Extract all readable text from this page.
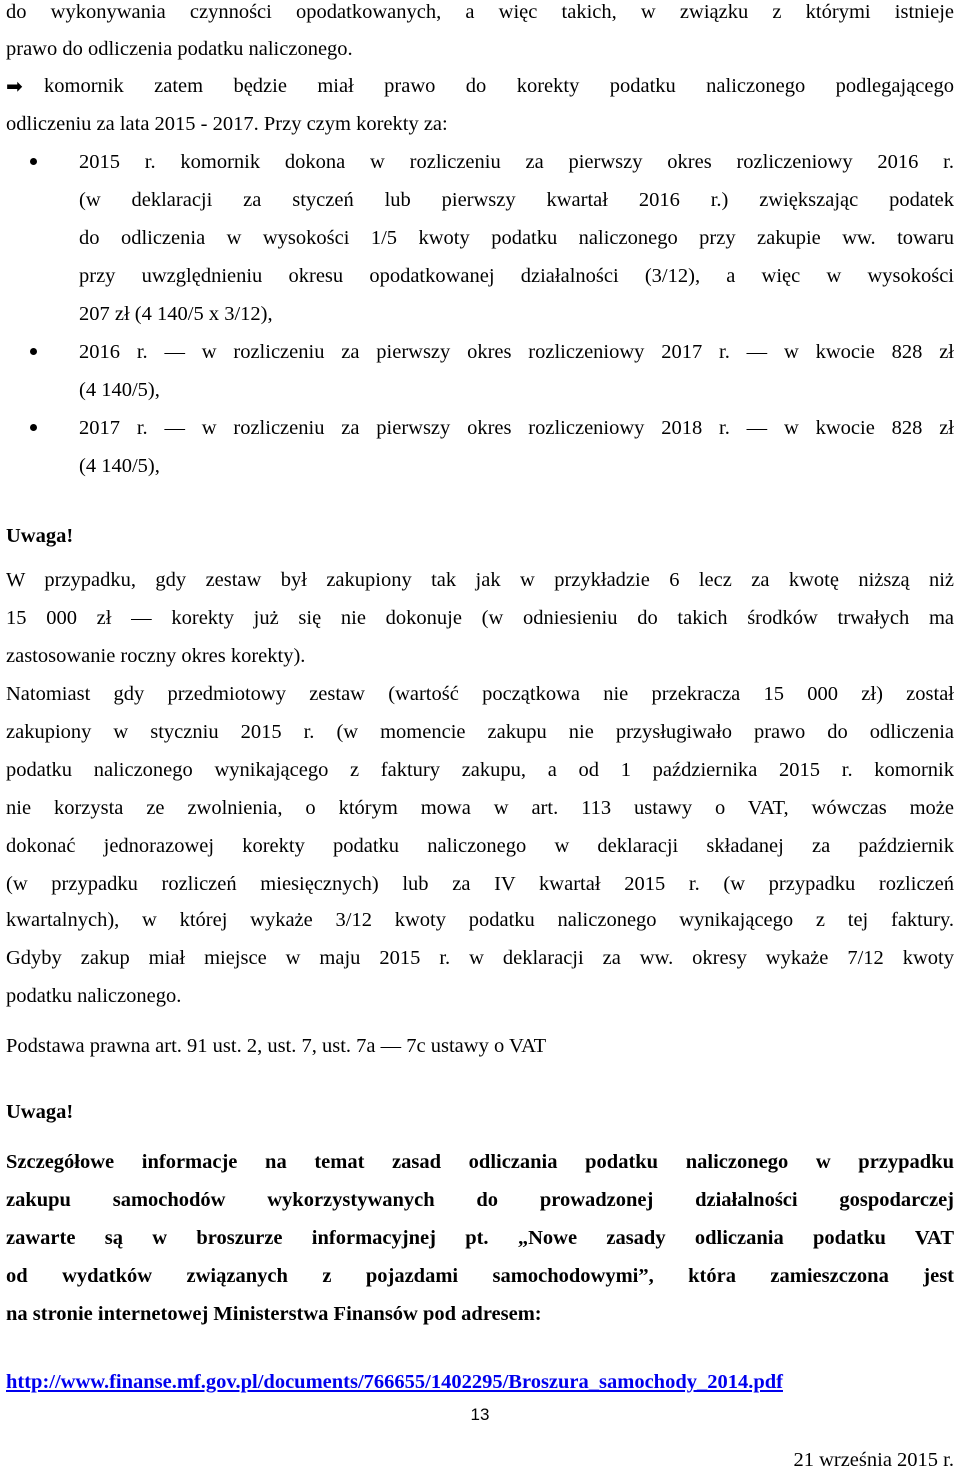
do wykonywania czynności opodatkowanych, a więc takich, w związku z którymi istnieje
prawo do odliczenia podatku naliczonego.
➡ komornik zatem będzie miał prawo do korekty podatku naliczonego podlegającego
odliczeniu za lata 2015 - 2017. Przy czym korekty za:
2015 r. komornik dokona w rozliczeniu za pierwszy okres rozliczeniowy 2016 r.
(w deklaracji za styczeń lub pierwszy kwartał 2016 r.) zwiększając podatek
do odliczenia w wysokości 1/5 kwoty podatku naliczonego przy zakupie ww. towaru
przy uwzględnieniu okresu opodatkowanej działalności (3/12), a więc w wysokości
207 zł (4 140/5 x 3/12),
2016 r. — w rozliczeniu za pierwszy okres rozliczeniowy 2017 r. — w kwocie 828 zł
(4 140/5),
2017 r. — w rozliczeniu za pierwszy okres rozliczeniowy 2018 r. — w kwocie 828 zł
(4 140/5),
Uwaga!
W przypadku, gdy zestaw był zakupiony tak jak w przykładzie 6 lecz za kwotę niższą niż
15 000 zł — korekty już się nie dokonuje (w odniesieniu do takich środków trwałych ma
zastosowanie roczny okres korekty).
Natomiast gdy przedmiotowy zestaw (wartość początkowa nie przekracza 15 000 zł) został
zakupiony w styczniu 2015 r. (w momencie zakupu nie przysługiwało prawo do odliczenia
podatku naliczonego wynikającego z faktury zakupu, a od 1 października 2015 r. komornik
nie korzysta ze zwolnienia, o którym mowa w art. 113 ustawy o VAT, wówczas może
dokonać jednorazowej korekty podatku naliczonego w deklaracji składanej za październik
(w przypadku rozliczeń miesięcznych) lub za IV kwartał 2015 r. (w przypadku rozliczeń
kwartalnych), w której wykaże 3/12 kwoty podatku naliczonego wynikającego z tej faktury.
Gdyby zakup miał miejsce w maju 2015 r. w deklaracji za ww. okresy wykaże 7/12 kwoty
podatku naliczonego.
Podstawa prawna art. 91 ust. 2, ust. 7, ust. 7a — 7c ustawy o VAT
Uwaga!
Szczegółowe informacje na temat zasad odliczania podatku naliczonego w przypadku
zakupu samochodów wykorzystywanych do prowadzonej działalności gospodarczej
zawarte są w broszurze informacyjnej pt. „Nowe zasady odliczania podatku VAT
od wydatków związanych z pojazdami samochodowymi”, która zamieszczona jest
na stronie internetowej Ministerstwa Finansów pod adresem:
http://www.finanse.mf.gov.pl/documents/766655/1402295/Broszura_samochody_2014.pdf
13
21 września 2015 r.
